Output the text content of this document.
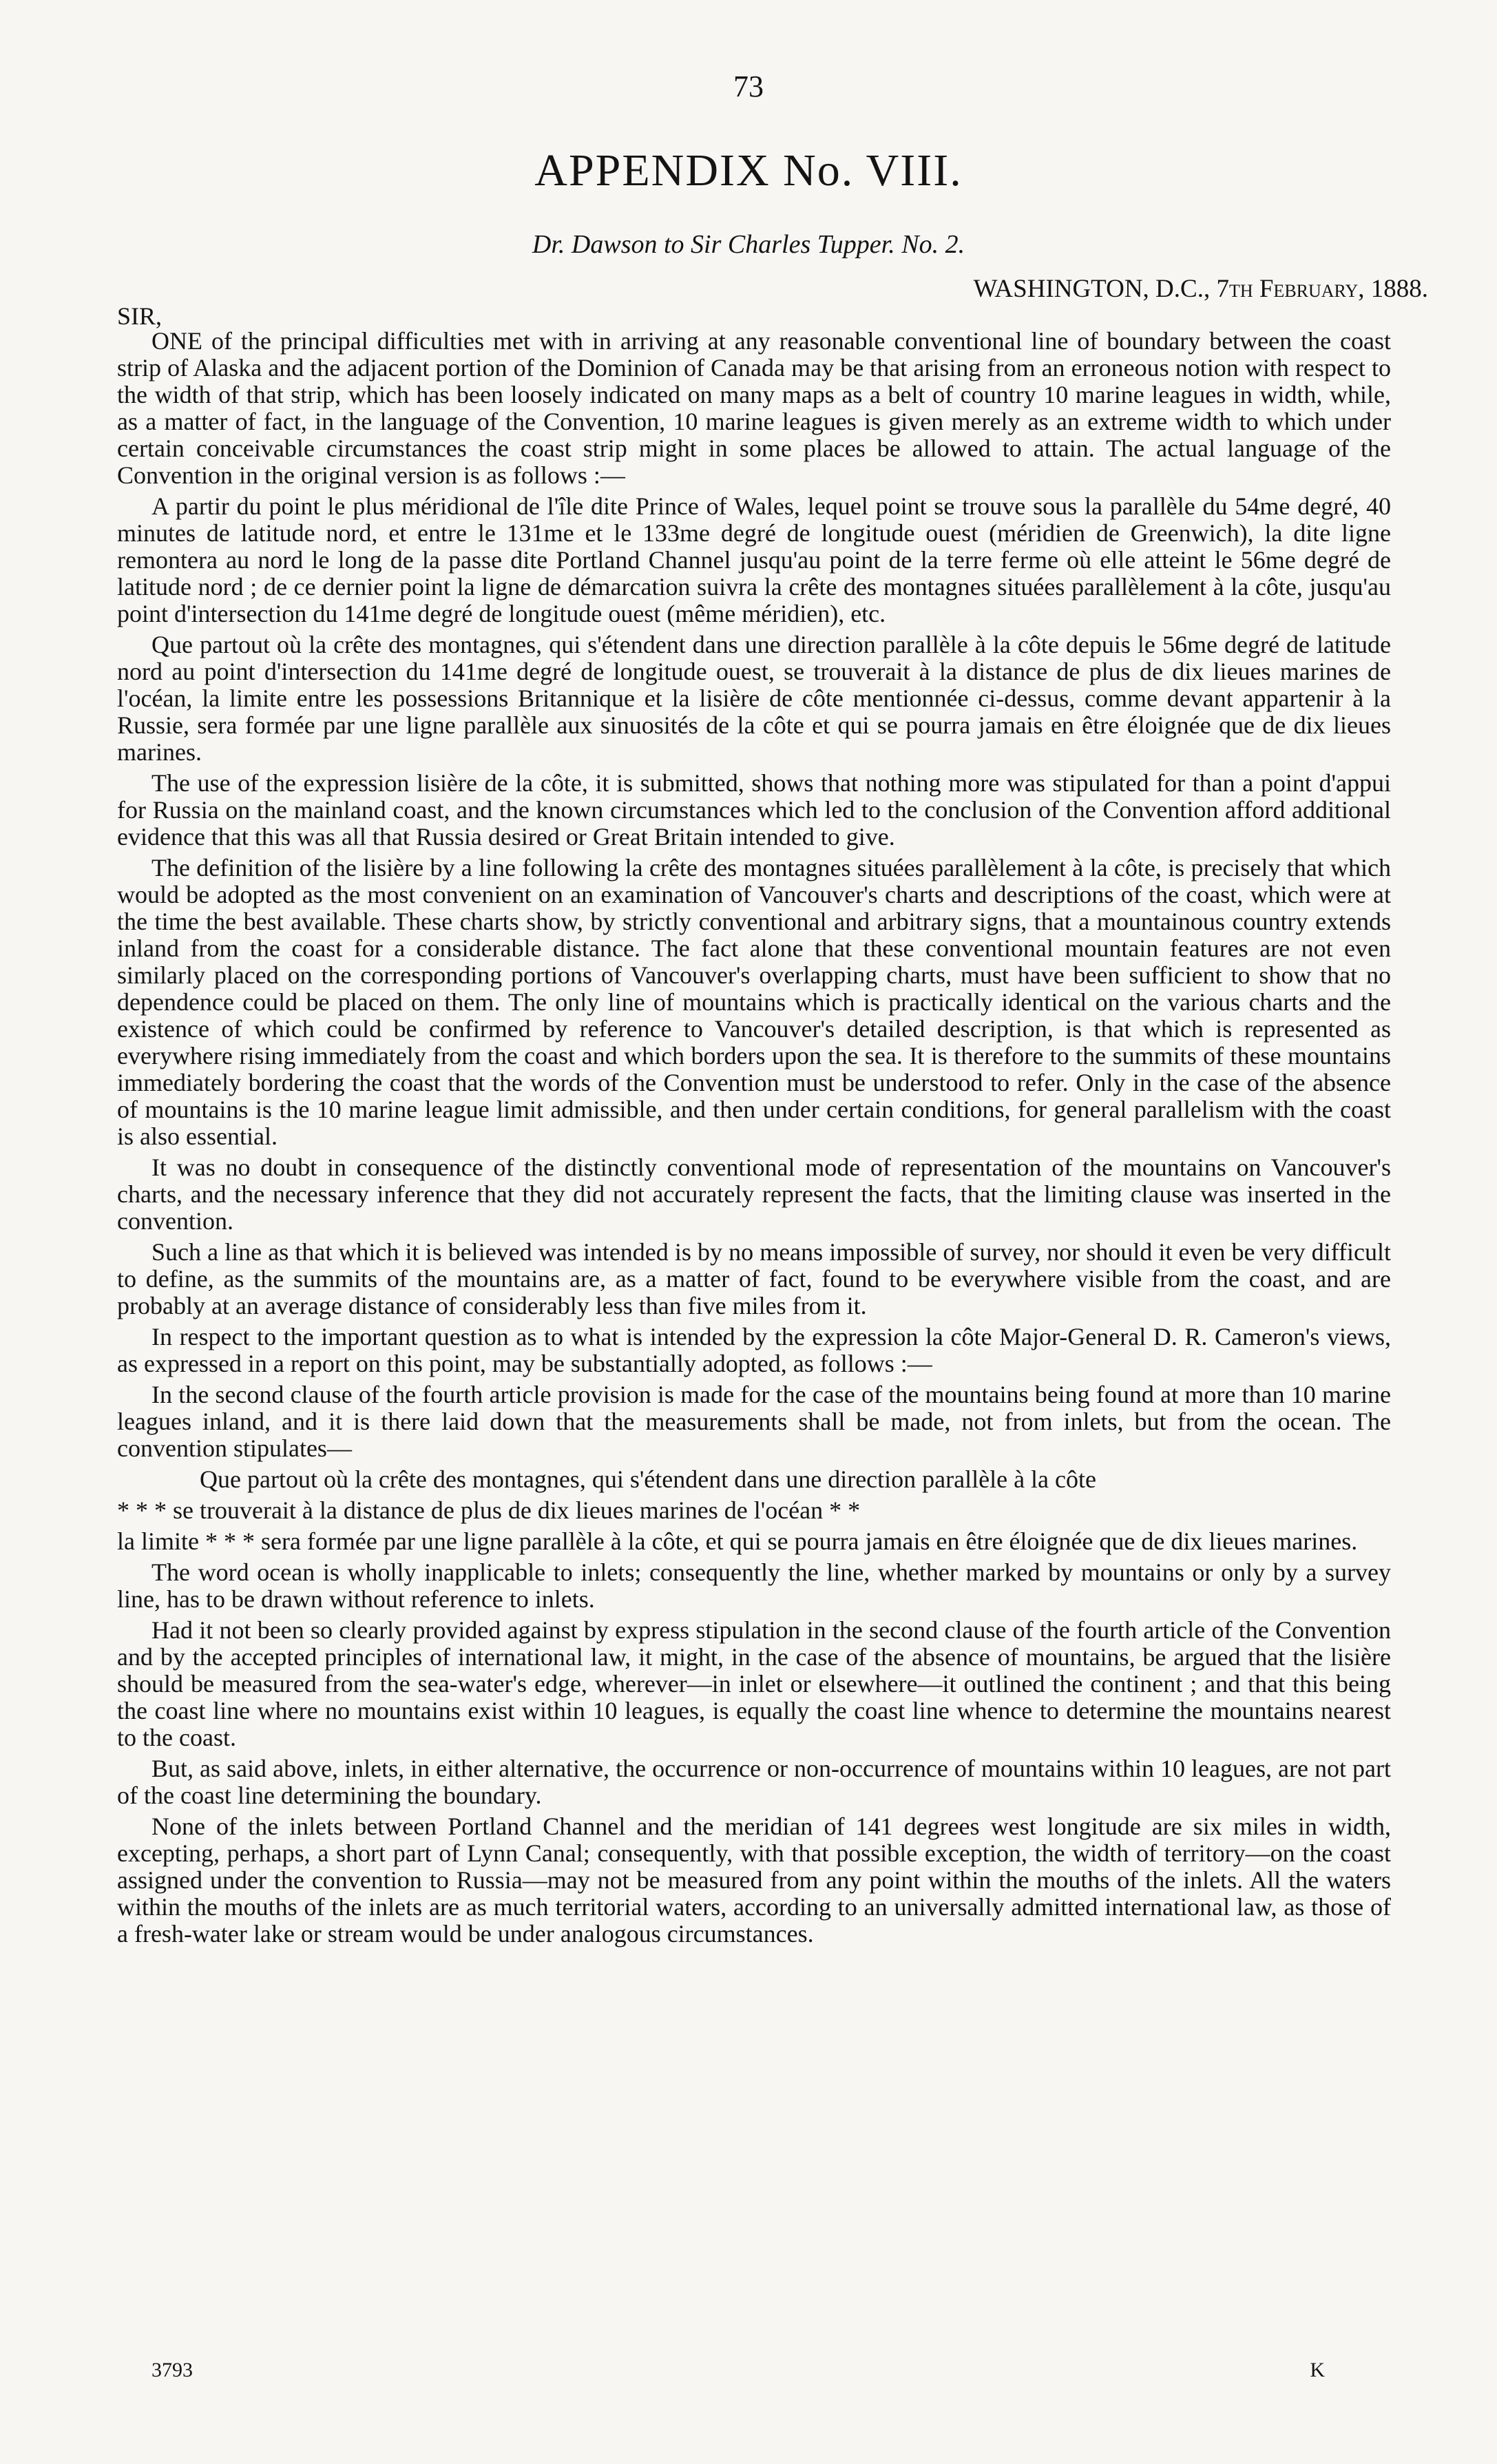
73

APPENDIX No. VIII.

Dr. Dawson to Sir Charles Tupper. No. 2.

WASHINGTON, D.C., 7th February, 1888.

SIR,

ONE of the principal difficulties met with in arriving at any reasonable conventional line of boundary between the coast strip of Alaska and the adjacent portion of the Dominion of Canada may be that arising from an erroneous notion with respect to the width of that strip, which has been loosely indicated on many maps as a belt of country 10 marine leagues in width, while, as a matter of fact, in the language of the Convention, 10 marine leagues is given merely as an extreme width to which under certain conceivable circumstances the coast strip might in some places be allowed to attain. The actual language of the Convention in the original version is as follows :—

A partir du point le plus méridional de l'île dite Prince of Wales, lequel point se trouve sous la parallèle du 54me degré, 40 minutes de latitude nord, et entre le 131me et le 133me degré de longitude ouest (méridien de Greenwich), la dite ligne remontera au nord le long de la passe dite Portland Channel jusqu'au point de la terre ferme où elle atteint le 56me degré de latitude nord ; de ce dernier point la ligne de démarcation suivra la crête des montagnes situées parallèlement à la côte, jusqu'au point d'intersection du 141me degré de longitude ouest (même méridien), etc.

Que partout où la crête des montagnes, qui s'étendent dans une direction parallèle à la côte depuis le 56me degré de latitude nord au point d'intersection du 141me degré de longitude ouest, se trouverait à la distance de plus de dix lieues marines de l'océan, la limite entre les possessions Britannique et la lisière de côte mentionnée ci-dessus, comme devant appartenir à la Russie, sera formée par une ligne parallèle aux sinuosités de la côte et qui se pourra jamais en être éloignée que de dix lieues marines.

The use of the expression lisière de la côte, it is submitted, shows that nothing more was stipulated for than a point d'appui for Russia on the mainland coast, and the known circumstances which led to the conclusion of the Convention afford additional evidence that this was all that Russia desired or Great Britain intended to give.

The definition of the lisière by a line following la crête des montagnes situées parallèlement à la côte, is precisely that which would be adopted as the most convenient on an examination of Vancouver's charts and descriptions of the coast, which were at the time the best available. These charts show, by strictly conventional and arbitrary signs, that a mountainous country extends inland from the coast for a considerable distance. The fact alone that these conventional mountain features are not even similarly placed on the corresponding portions of Vancouver's overlapping charts, must have been sufficient to show that no dependence could be placed on them. The only line of mountains which is practically identical on the various charts and the existence of which could be confirmed by reference to Vancouver's detailed description, is that which is represented as everywhere rising immediately from the coast and which borders upon the sea. It is therefore to the summits of these mountains immediately bordering the coast that the words of the Convention must be understood to refer. Only in the case of the absence of mountains is the 10 marine league limit admissible, and then under certain conditions, for general parallelism with the coast is also essential.

It was no doubt in consequence of the distinctly conventional mode of representation of the mountains on Vancouver's charts, and the necessary inference that they did not accurately represent the facts, that the limiting clause was inserted in the convention.

Such a line as that which it is believed was intended is by no means impossible of survey, nor should it even be very difficult to define, as the summits of the mountains are, as a matter of fact, found to be everywhere visible from the coast, and are probably at an average distance of considerably less than five miles from it.

In respect to the important question as to what is intended by the expression la côte Major-General D. R. Cameron's views, as expressed in a report on this point, may be substantially adopted, as follows :—

In the second clause of the fourth article provision is made for the case of the mountains being found at more than 10 marine leagues inland, and it is there laid down that the measurements shall be made, not from inlets, but from the ocean. The convention stipulates—

Que partout où la crête des montagnes, qui s'étendent dans une direction parallèle à la côte

* * * se trouverait à la distance de plus de dix lieues marines de l'océan * *

la limite * * * sera formée par une ligne parallèle à la côte, et qui se pourra jamais en être éloignée que de dix lieues marines.

The word ocean is wholly inapplicable to inlets; consequently the line, whether marked by mountains or only by a survey line, has to be drawn without reference to inlets.

Had it not been so clearly provided against by express stipulation in the second clause of the fourth article of the Convention and by the accepted principles of international law, it might, in the case of the absence of mountains, be argued that the lisière should be measured from the sea-water's edge, wherever—in inlet or elsewhere—it outlined the continent ; and that this being the coast line where no mountains exist within 10 leagues, is equally the coast line whence to determine the mountains nearest to the coast.

But, as said above, inlets, in either alternative, the occurrence or non-occurrence of mountains within 10 leagues, are not part of the coast line determining the boundary.

None of the inlets between Portland Channel and the meridian of 141 degrees west longitude are six miles in width, excepting, perhaps, a short part of Lynn Canal; consequently, with that possible exception, the width of territory—on the coast assigned under the convention to Russia—may not be measured from any point within the mouths of the inlets. All the waters within the mouths of the inlets are as much territorial waters, according to an universally admitted international law, as those of a fresh-water lake or stream would be under analogous circumstances.

3793	K
